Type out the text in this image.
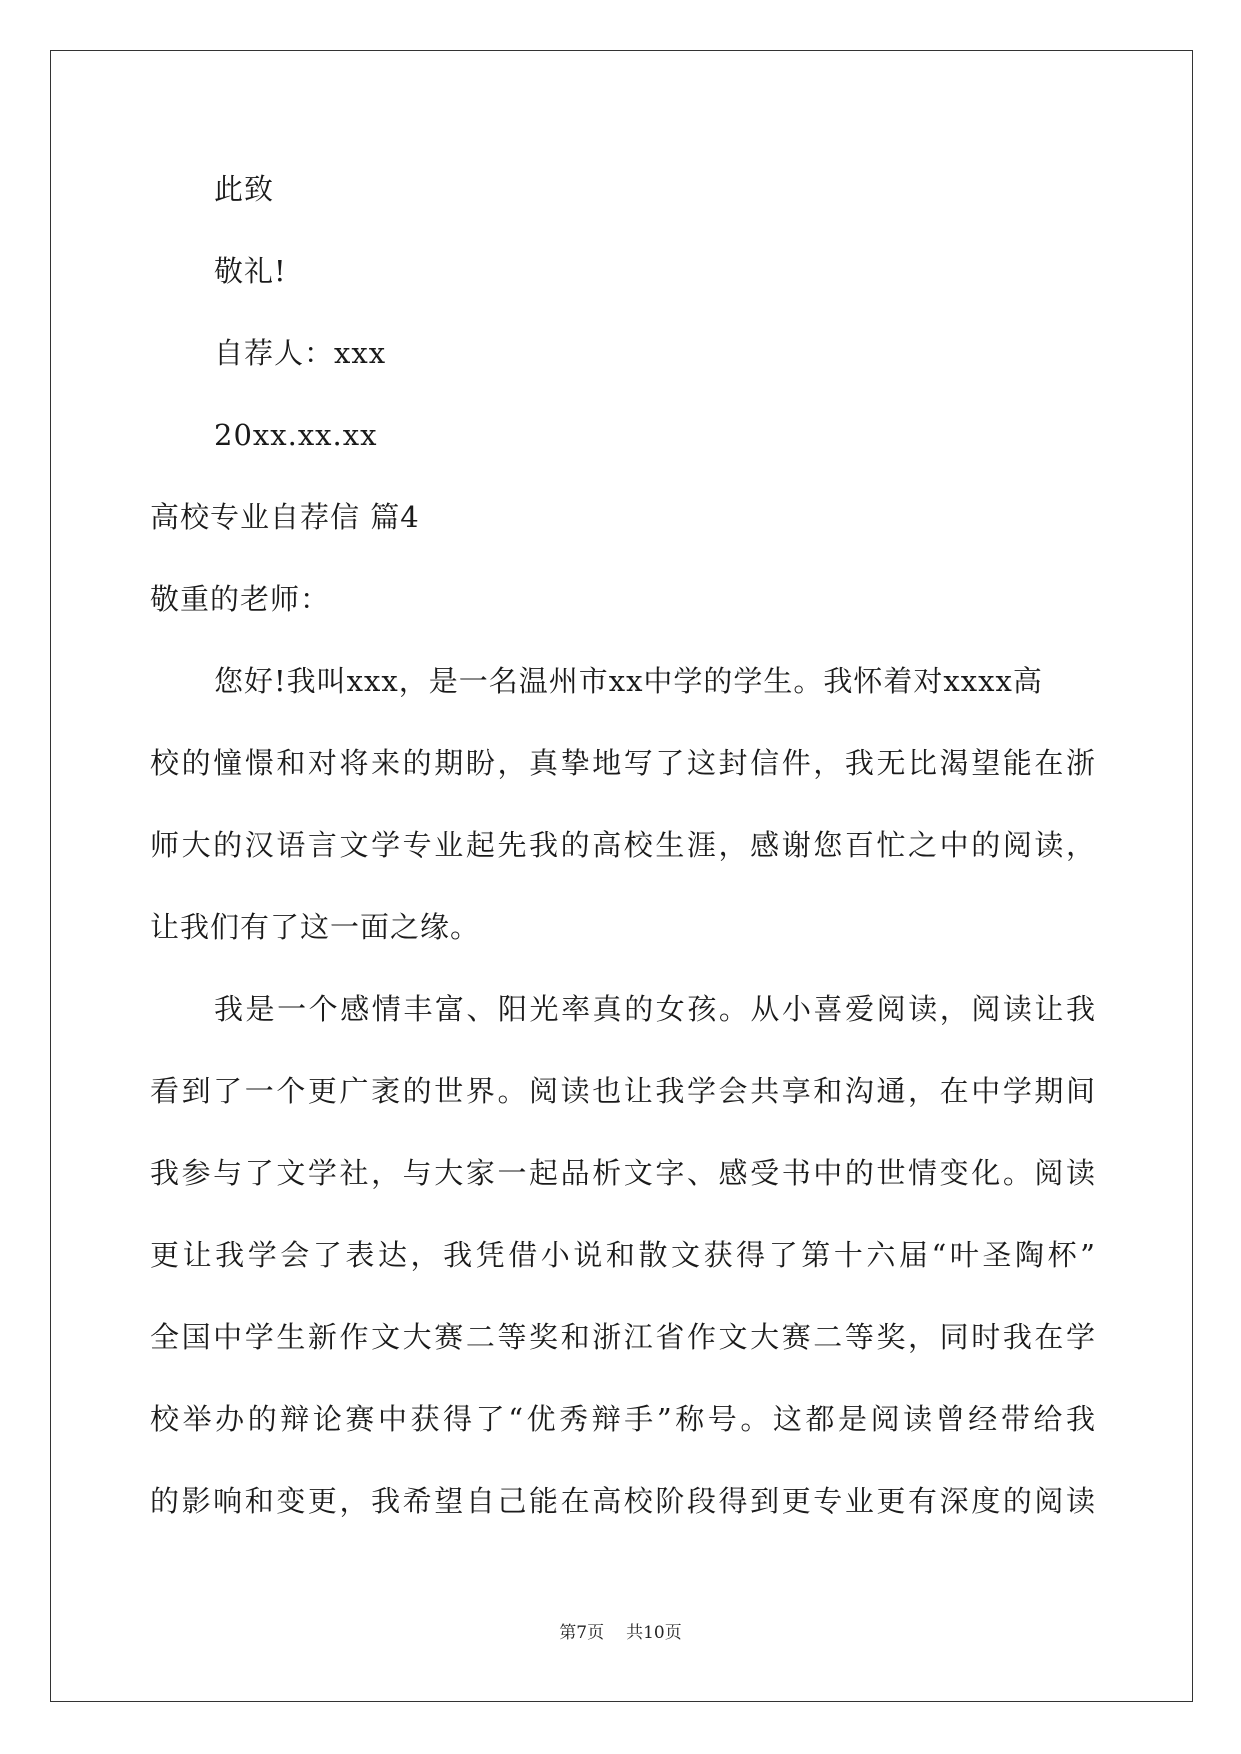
此致
敬礼!
自荐人：xxx
20xx.xx.xx
高校专业自荐信 篇4
敬重的老师：
您好!我叫xxx，是一名温州市xx中学的学生。我怀着对xxxx高
校的憧憬和对将来的期盼，真挚地写了这封信件，我无比渴望能在浙
师大的汉语言文学专业起先我的高校生涯，感谢您百忙之中的阅读，
让我们有了这一面之缘。
我是一个感情丰富、阳光率真的女孩。从小喜爱阅读，阅读让我
看到了一个更广袤的世界。阅读也让我学会共享和沟通，在中学期间
我参与了文学社，与大家一起品析文字、感受书中的世情变化。阅读
更让我学会了表达，我凭借小说和散文获得了第十六届“叶圣陶杯”
全国中学生新作文大赛二等奖和浙江省作文大赛二等奖，同时我在学
校举办的辩论赛中获得了“优秀辩手”称号。这都是阅读曾经带给我
的影响和变更，我希望自己能在高校阶段得到更专业更有深度的阅读
第7页 共10页
